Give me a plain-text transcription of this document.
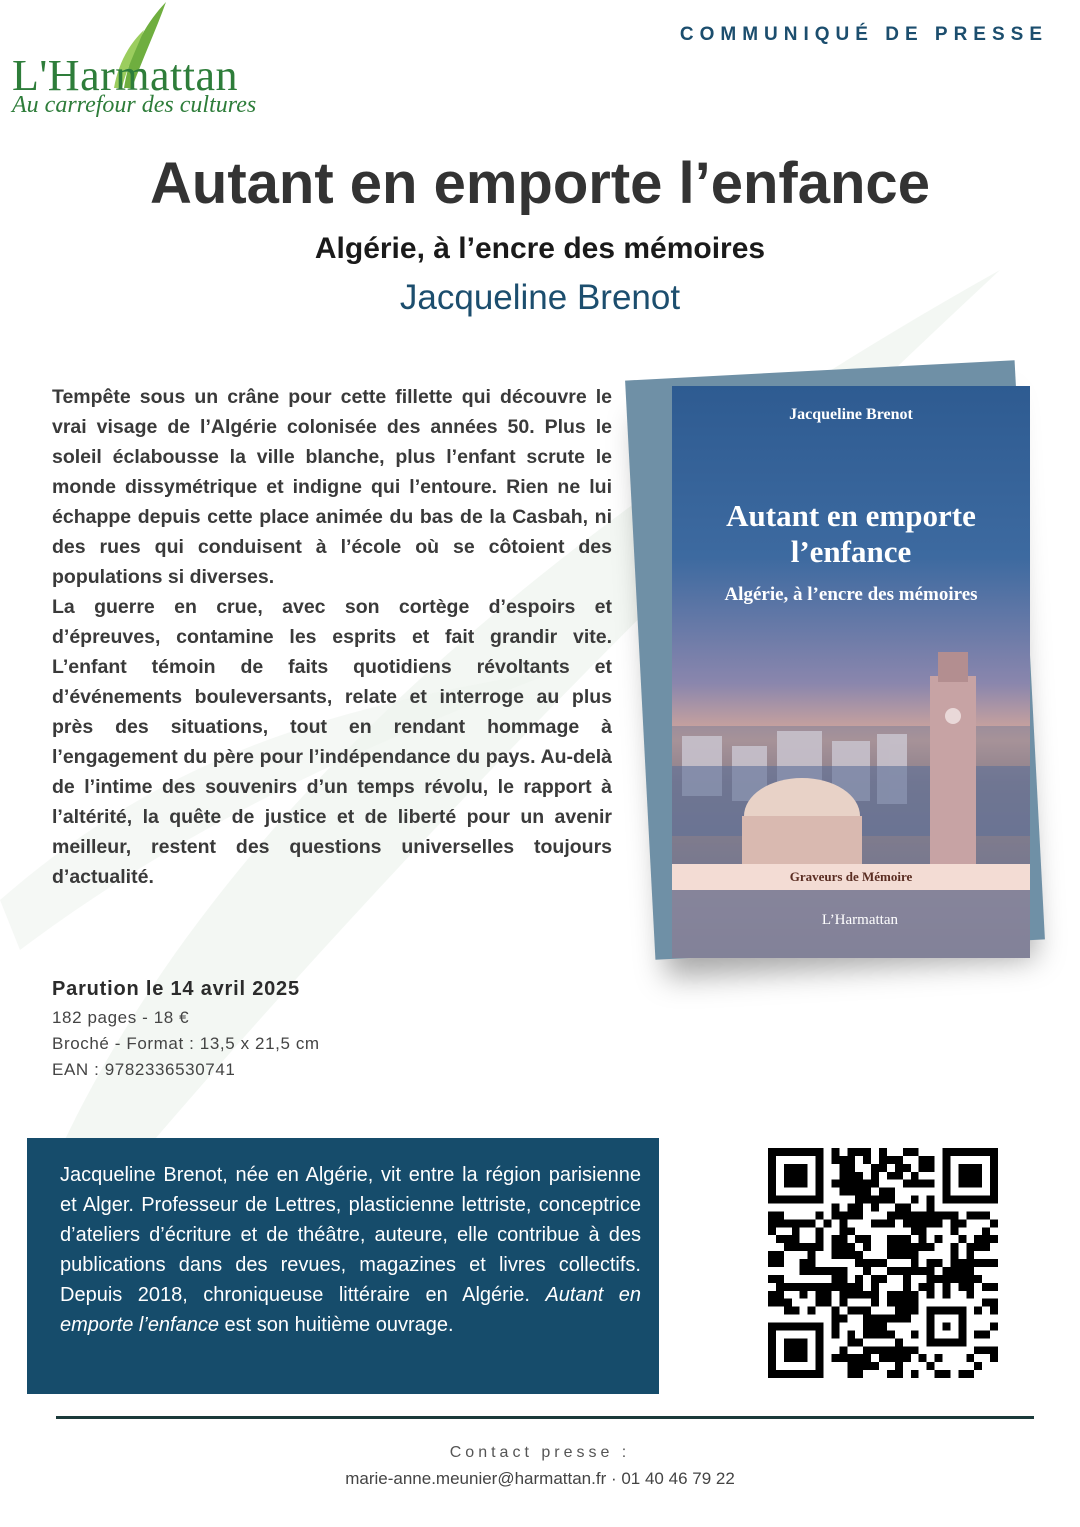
L'Harmattan
Au carrefour des cultures
COMMUNIQUÉ DE PRESSE
Autant en emporte l’enfance
Algérie, à l’encre des mémoires
Jacqueline Brenot

Tempête sous un crâne pour cette fillette qui découvre le vrai visage de l’Algérie colonisée des années 50. Plus le soleil éclabousse la ville blanche, plus l’enfant scrute le monde dissymétrique et indigne qui l’entoure. Rien ne lui échappe depuis cette place animée du bas de la Casbah, ni des rues qui conduisent à l’école où se côtoient des populations si diverses.

La guerre en crue, avec son cortège d’espoirs et d’épreuves, contamine les esprits et fait grandir vite. L’enfant témoin de faits quotidiens révoltants et d’événements bouleversants, relate et interroge au plus près des situations, tout en rendant hommage à l’engagement du père pour l’indépendance du pays. Au-delà de l’intime des souvenirs d’un temps révolu, le rapport à l’altérité, la quête de justice et de liberté pour un avenir meilleur, restent des questions universelles toujours d’actualité.

Jacqueline Brenot
Autant en emporte l’enfance
Algérie, à l’encre des mémoires
Graveurs de Mémoire
L’Harmattan
Parution le 14 avril 2025
182 pages - 18 €
Broché - Format : 13,5 x 21,5 cm
EAN : 9782336530741

Jacqueline Brenot, née en Algérie, vit entre la région parisienne et Alger. Professeur de Lettres, plasticienne lettriste, conceptrice d’ateliers d’écriture et de théâtre, auteure, elle contribue à des publications dans des revues, magazines et livres collectifs. Depuis 2018, chroniqueuse littéraire en Algérie. Autant en emporte l’enfance est son huitième ouvrage.

Contact presse :
marie-anne.meunier@harmattan.fr · 01 40 46 79 22
